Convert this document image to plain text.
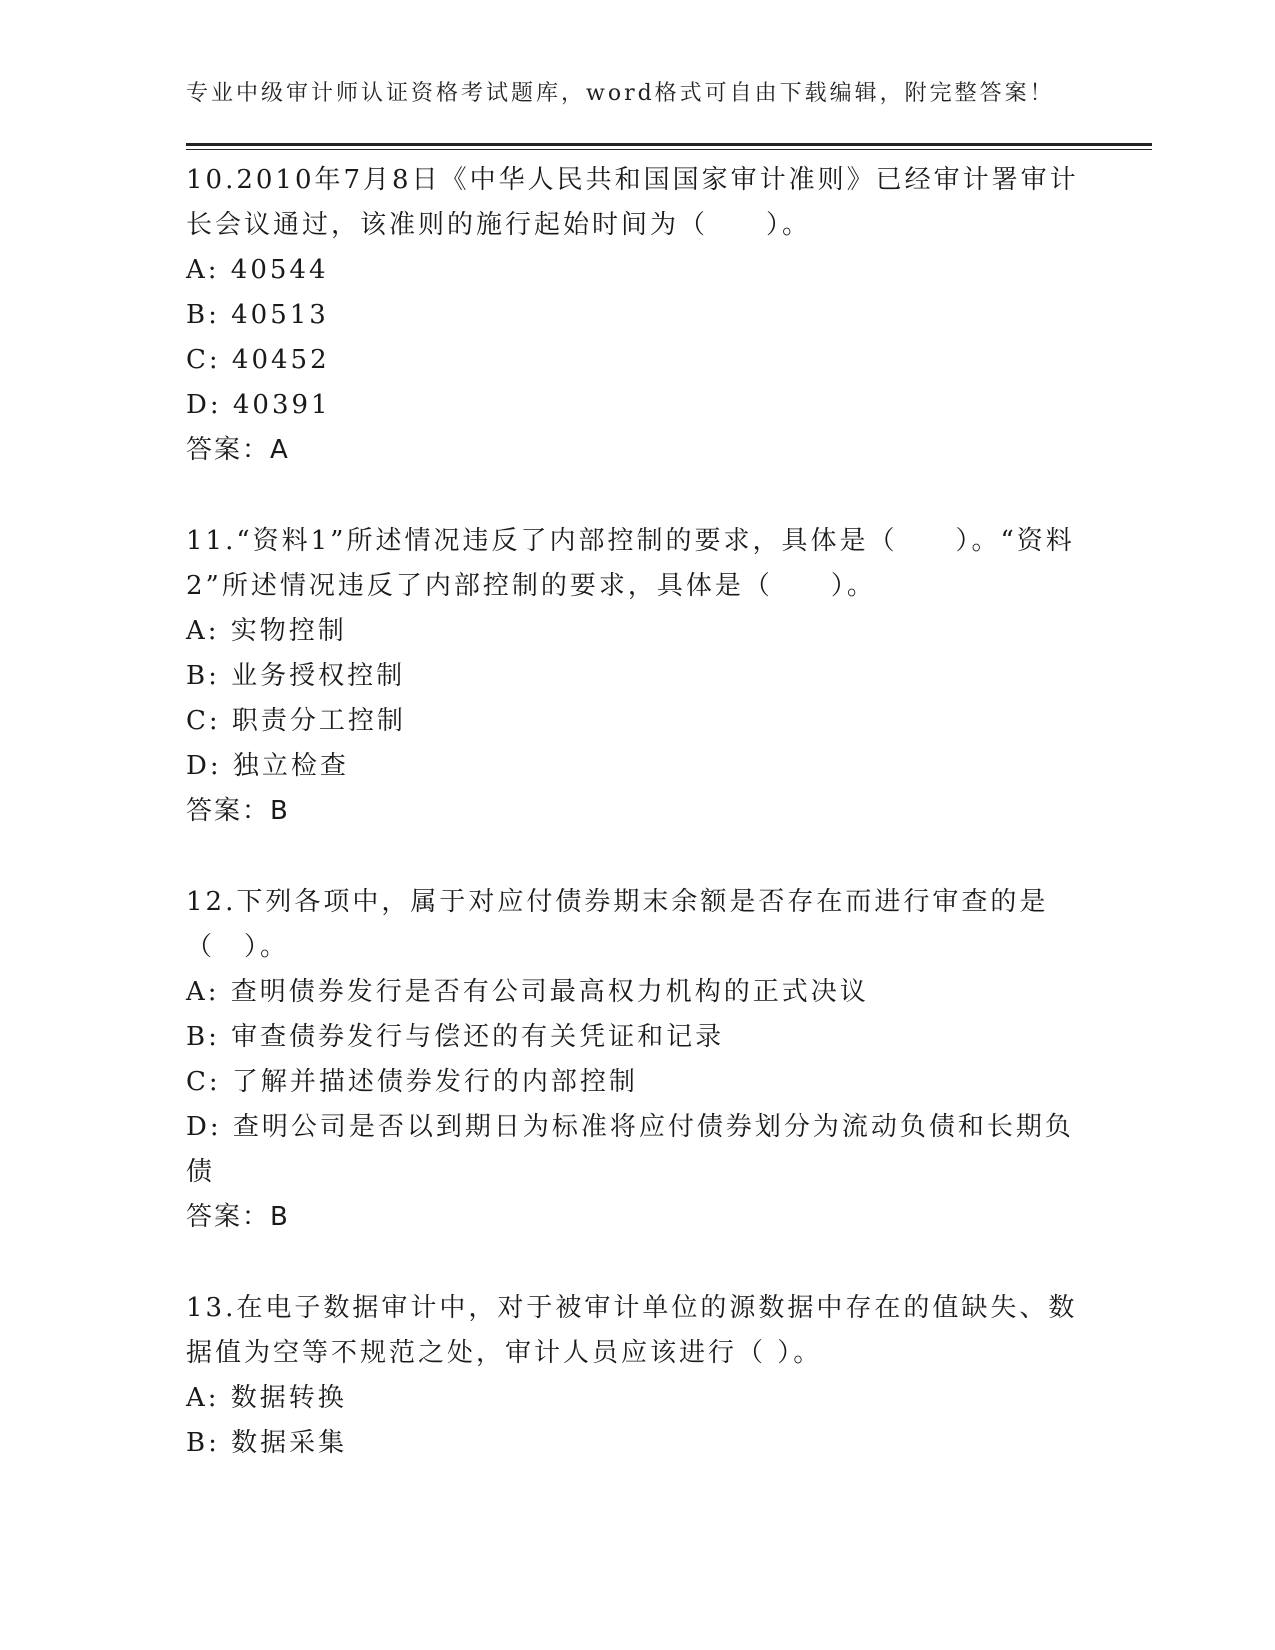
专业中级审计师认证资格考试题库，word格式可自由下载编辑，附完整答案！

10.2010年7月8日《中华人民共和国国家审计准则》已经审计署审计长会议通过，该准则的施行起始时间为（　　）。

A: 40544

B: 40513

C: 40452

D: 40391

答案：A

11.“资料1”所述情况违反了内部控制的要求，具体是（　　）。“资料2”所述情况违反了内部控制的要求，具体是（　　）。

A: 实物控制

B: 业务授权控制

C: 职责分工控制

D: 独立检查

答案：B

12.下列各项中，属于对应付债券期末余额是否存在而进行审查的是（　）。

A: 查明债券发行是否有公司最高权力机构的正式决议

B: 审查债券发行与偿还的有关凭证和记录

C: 了解并描述债券发行的内部控制

D: 查明公司是否以到期日为标准将应付债券划分为流动负债和长期负债

答案：B

13.在电子数据审计中，对于被审计单位的源数据中存在的值缺失、数据值为空等不规范之处，审计人员应该进行（ ）。

A: 数据转换

B: 数据采集
